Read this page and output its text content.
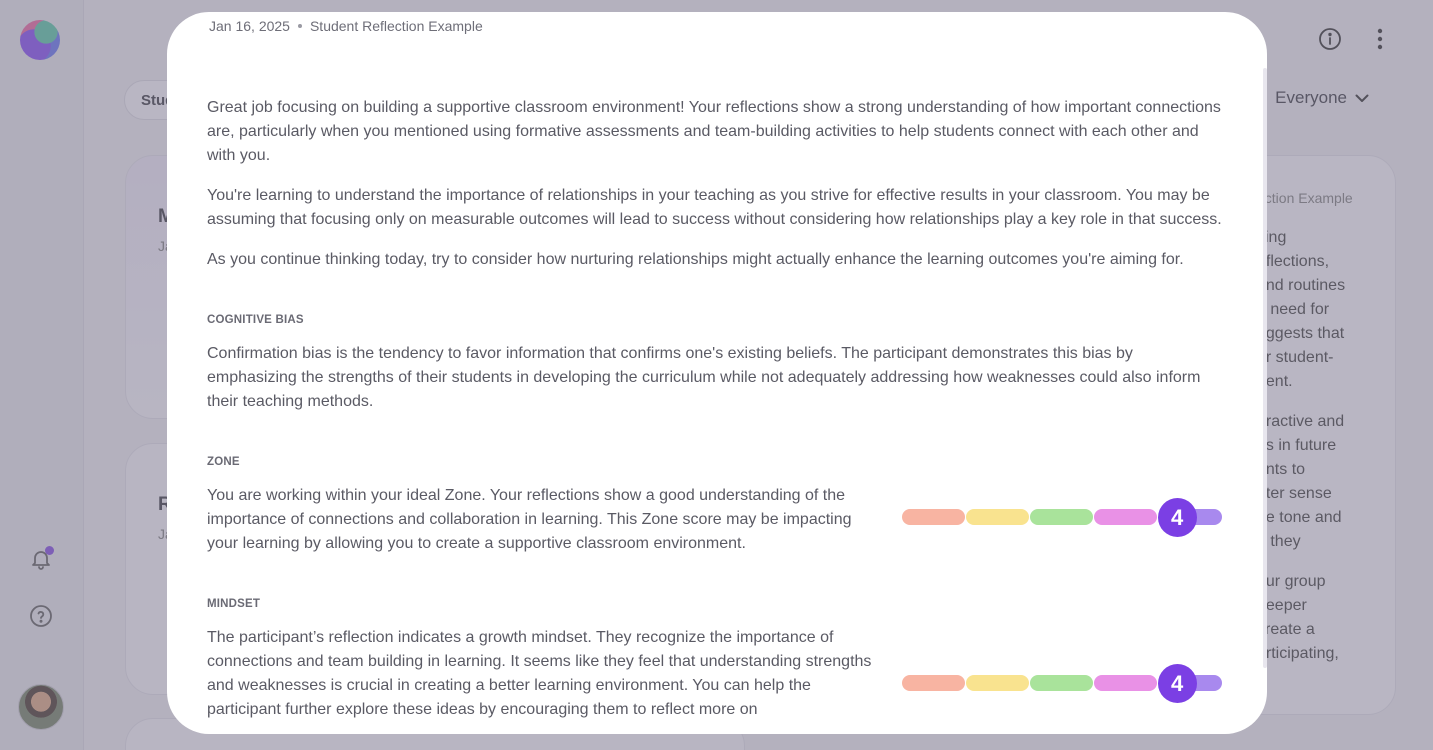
Jan 16, 2025 Student Reflection Example

Great job focusing on building a supportive classroom environment! Your reflections show a strong understanding of how important connections are, particularly when you mentioned using formative assessments and team-building activities to help students connect with each other and with you.

You're learning to understand the importance of relationships in your teaching as you strive for effective results in your classroom. You may be assuming that focusing only on measurable outcomes will lead to success without considering how relationships play a key role in that success.

As you continue thinking today, try to consider how nurturing relationships might actually enhance the learning outcomes you're aiming for.

COGNITIVE BIAS

Confirmation bias is the tendency to favor information that confirms one's existing beliefs. The participant demonstrates this bias by emphasizing the strengths of their students in developing the curriculum while not adequately addressing how weaknesses could also inform their teaching methods.

ZONE

You are working within your ideal Zone. Your reflections show a good understanding of the importance of connections and collaboration in learning. This Zone score may be impacting your learning by allowing you to create a supportive classroom environment.

4
MINDSET

The participant’s reflection indicates a growth mindset. They recognize the importance of connections and team building in learning. It seems like they feel that understanding strengths and weaknesses is crucial in creating a better learning environment. You can help the participant further explore these ideas by encouraging them to reflect more on

4
